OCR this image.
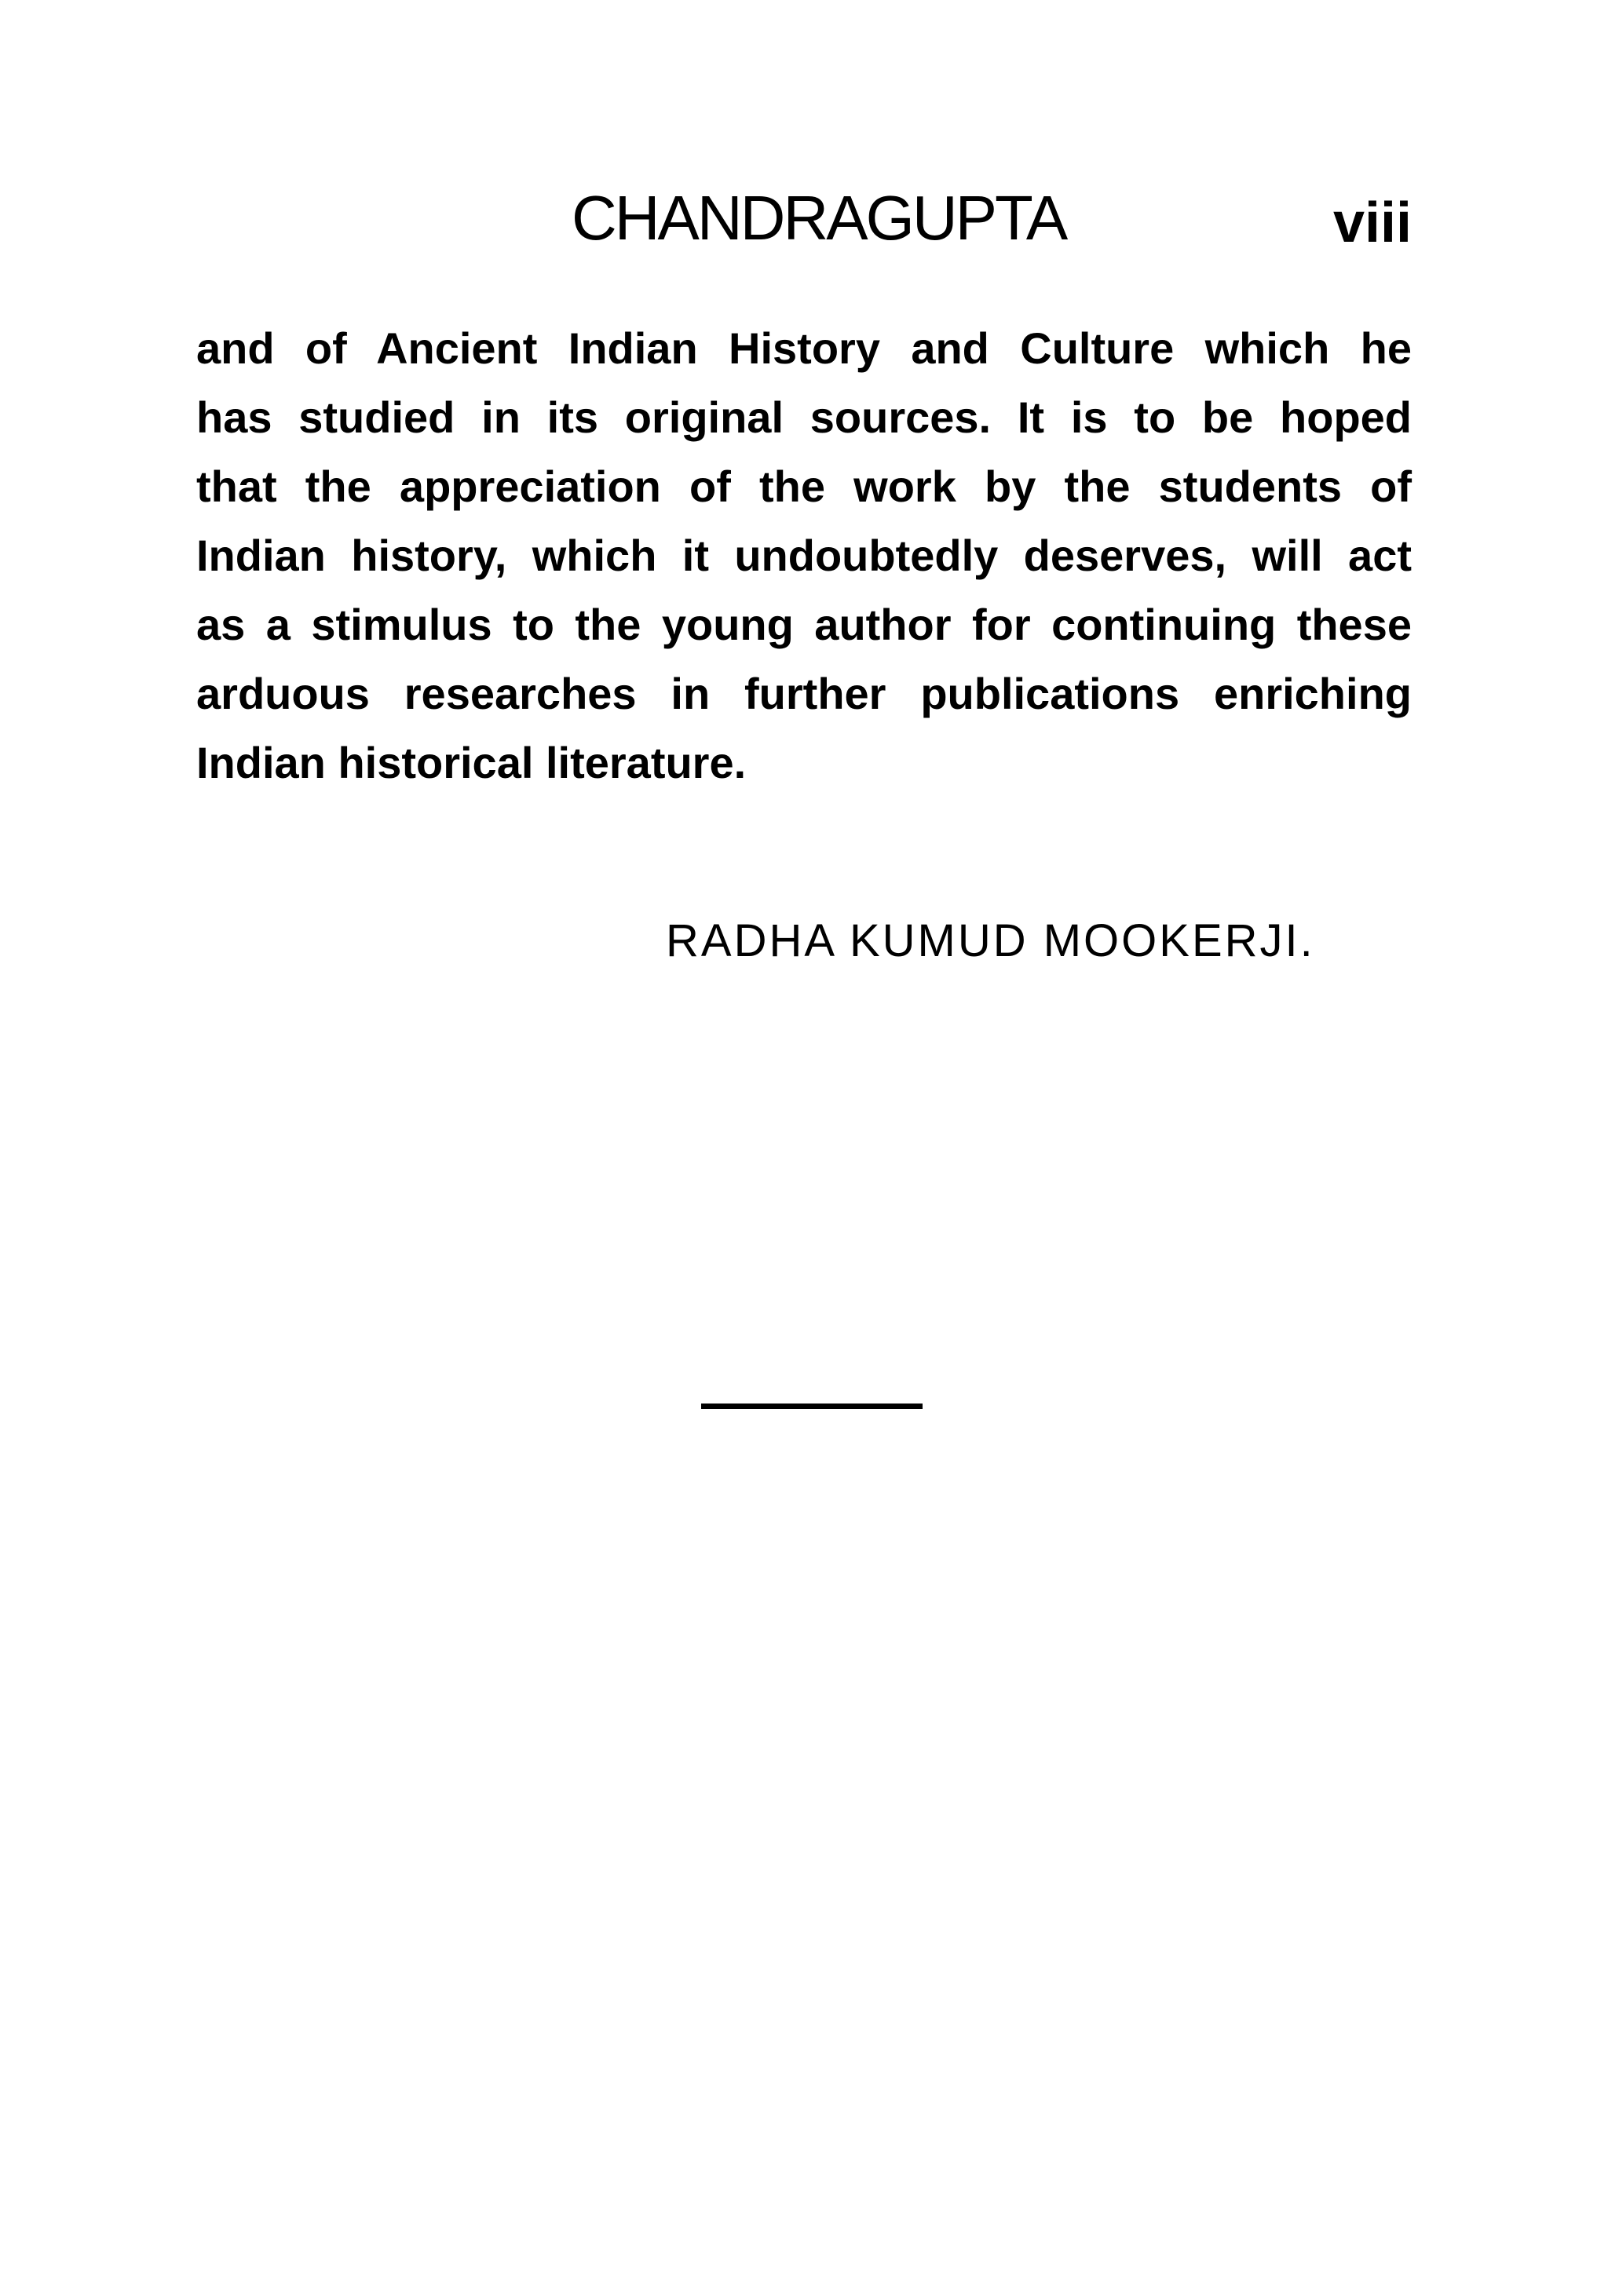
CHANDRAGUPTA	viii
and of Ancient Indian History and Culture which he
has studied in its original sources. It is to be hoped
that the appreciation of the work by the students of
Indian history, which it undoubtedly deserves, will act
as a stimulus to the young author for continuing these
arduous researches in further publications enriching
Indian historical literature.
RADHA KUMUD MOOKERJI.
